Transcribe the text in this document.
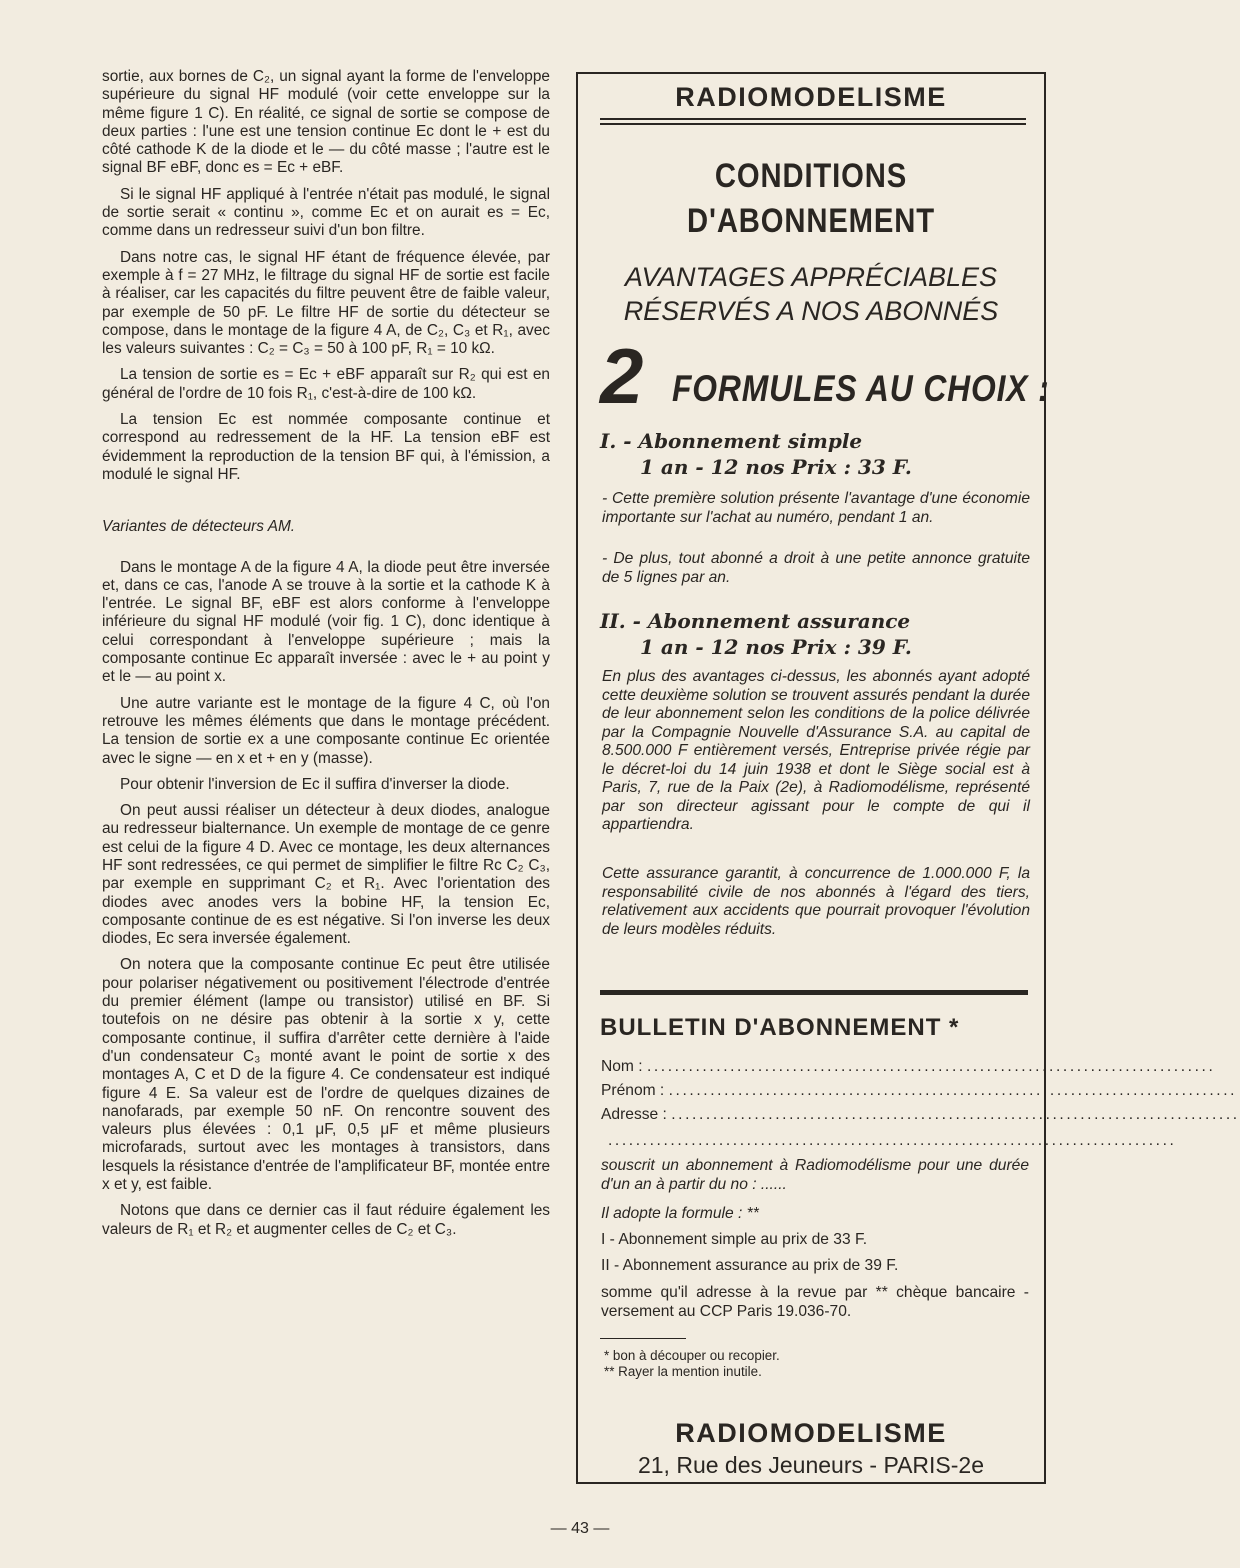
sortie, aux bornes de C₂, un signal ayant la forme de l'enveloppe supérieure du signal HF modulé (voir cette enveloppe sur la même figure 1 C). En réalité, ce signal de sortie se compose de deux parties : l'une est une tension continue Ec dont le + est du côté cathode K de la diode et le — du côté masse ; l'autre est le signal BF eBF, donc es = Ec + eBF.

Si le signal HF appliqué à l'entrée n'était pas modulé, le signal de sortie serait « continu », comme Ec et on aurait es = Ec, comme dans un redresseur suivi d'un bon filtre.

Dans notre cas, le signal HF étant de fréquence élevée, par exemple à f = 27 MHz, le filtrage du signal HF de sortie est facile à réaliser, car les capacités du filtre peuvent être de faible valeur, par exemple de 50 pF. Le filtre HF de sortie du détecteur se compose, dans le montage de la figure 4 A, de C₂, C₃ et R₁, avec les valeurs suivantes : C₂ = C₃ = 50 à 100 pF, R₁ = 10 kΩ.

La tension de sortie es = Ec + eBF apparaît sur R₂ qui est en général de l'ordre de 10 fois R₁, c'est-à-dire de 100 kΩ.

La tension Ec est nommée composante continue et correspond au redressement de la HF. La tension eBF est évidemment la reproduction de la tension BF qui, à l'émission, a modulé le signal HF.

Variantes de détecteurs AM.

Dans le montage A de la figure 4 A, la diode peut être inversée et, dans ce cas, l'anode A se trouve à la sortie et la cathode K à l'entrée. Le signal BF, eBF est alors conforme à l'enveloppe inférieure du signal HF modulé (voir fig. 1 C), donc identique à celui correspondant à l'enveloppe supérieure ; mais la composante continue Ec apparaît inversée : avec le + au point y et le — au point x.

Une autre variante est le montage de la figure 4 C, où l'on retrouve les mêmes éléments que dans le montage précédent. La tension de sortie ex a une composante continue Ec orientée avec le signe — en x et + en y (masse).

Pour obtenir l'inversion de Ec il suffira d'inverser la diode.

On peut aussi réaliser un détecteur à deux diodes, analogue au redresseur bialternance. Un exemple de montage de ce genre est celui de la figure 4 D. Avec ce montage, les deux alternances HF sont redressées, ce qui permet de simplifier le filtre Rc C₂ C₃, par exemple en supprimant C₂ et R₁. Avec l'orientation des diodes avec anodes vers la bobine HF, la tension Ec, composante continue de es est négative. Si l'on inverse les deux diodes, Ec sera inversée également.

On notera que la composante continue Ec peut être utilisée pour polariser négativement ou positivement l'électrode d'entrée du premier élément (lampe ou transistor) utilisé en BF. Si toutefois on ne désire pas obtenir à la sortie x y, cette composante continue, il suffira d'arrêter cette dernière à l'aide d'un condensateur C₃ monté avant le point de sortie x des montages A, C et D de la figure 4. Ce condensateur est indiqué figure 4 E. Sa valeur est de l'ordre de quelques dizaines de nanofarads, par exemple 50 nF. On rencontre souvent des valeurs plus élevées : 0,1 μF, 0,5 μF et même plusieurs microfarads, surtout avec les montages à transistors, dans lesquels la résistance d'entrée de l'amplificateur BF, montée entre x et y, est faible.

Notons que dans ce dernier cas il faut réduire également les valeurs de R₁ et R₂ et augmenter celles de C₂ et C₃.

RADIOMODELISME
CONDITIONS
D'ABONNEMENT
AVANTAGES APPRÉCIABLES
RÉSERVÉS A NOS ABONNÉS
2 FORMULES AU CHOIX :
I. - Abonnement simple
1 an - 12 nos Prix : 33 F.
- Cette première solution présente l'avantage d'une économie importante sur l'achat au numéro, pendant 1 an.
- De plus, tout abonné a droit à une petite annonce gratuite de 5 lignes par an.
II. - Abonnement assurance
1 an - 12 nos Prix : 39 F.
En plus des avantages ci-dessus, les abonnés ayant adopté cette deuxième solution se trouvent assurés pendant la durée de leur abonnement selon les conditions de la police délivrée par la Compagnie Nouvelle d'Assurance S.A. au capital de 8.500.000 F entièrement versés, Entreprise privée régie par le décret-loi du 14 juin 1938 et dont le Siège social est à Paris, 7, rue de la Paix (2e), à Radiomodélisme, représenté par son directeur agissant pour le compte de qui il appartiendra.
Cette assurance garantit, à concurrence de 1.000.000 F, la responsabilité civile de nos abonnés à l'égard des tiers, relativement aux accidents que pourrait provoquer l'évolution de leurs modèles réduits.
BULLETIN D'ABONNEMENT *
Nom : ..................................................................................
Prénom : ..................................................................................
Adresse : ..................................................................................
..................................................................................
souscrit un abonnement à Radiomodélisme pour une durée d'un an à partir du no : ......
Il adopte la formule : **
I - Abonnement simple au prix de 33 F.
II - Abonnement assurance au prix de 39 F.
somme qu'il adresse à la revue par ** chèque bancaire - versement au CCP Paris 19.036-70.
* bon à découper ou recopier.
** Rayer la mention inutile.
RADIOMODELISME
21, Rue des Jeuneurs - PARIS-2e
— 43 —
